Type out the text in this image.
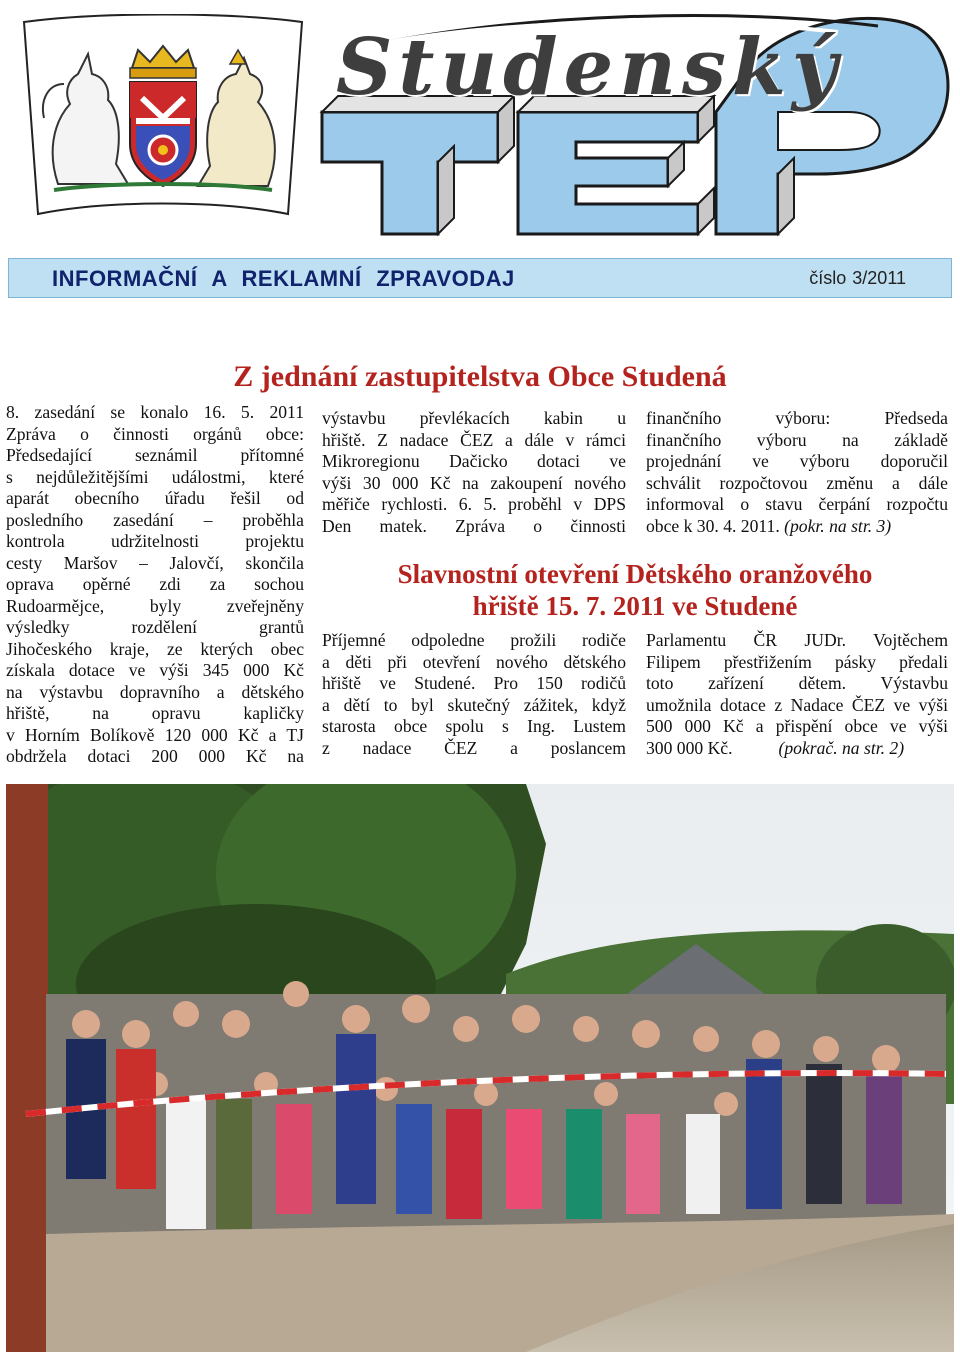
Studenský
INFORMAČNÍ A REKLAMNÍ ZPRAVODAJ	číslo 3/2011
Z jednání zastupitelstva Obce Studená

8. zasedání se konalo 16. 5. 2011

Zpráva o činnosti orgánů obce:

Předsedající seznámil přítomné

s nejdůležitějšími událostmi, které

aparát obecního úřadu řešil od

posledního zasedání – proběhla

kontrola udržitelnosti projektu

cesty Maršov – Jalovčí, skončila

oprava opěrné zdi za sochou

Rudoarmějce, byly zveřejněny

výsledky rozdělení grantů

Jihočeského kraje, ze kterých obec

získala dotace ve výši 345 000 Kč

na výstavbu dopravního a dětského

hřiště, na opravu kapličky

v Horním Bolíkově 120 000 Kč a TJ

obdržela dotaci 200 000 Kč na

výstavbu převlékacích kabin u

hřiště. Z nadace ČEZ a dále v rámci

Mikroregionu Dačicko dotaci ve

výši 30 000 Kč na zakoupení nového

měřiče rychlosti. 6. 5. proběhl v DPS

Den matek. Zpráva o činnosti

finančního výboru: Předseda

finančního výboru na základě

projednání ve výboru doporučil

schválit rozpočtovou změnu a dále

informoval o stavu čerpání rozpočtu

obce k 30. 4. 2011. (pokr. na str. 3)

Slavnostní otevření Dětského oranžového
hřiště 15. 7. 2011 ve Studené

Příjemné odpoledne prožili rodiče

a děti při otevření nového dětského

hřiště ve Studené. Pro 150 rodičů

a dětí to byl skutečný zážitek, když

starosta obce spolu s Ing. Lustem

z nadace ČEZ a poslancem

Parlamentu ČR JUDr. Vojtěchem

Filipem přestřižením pásky předali

toto zařízení dětem. Výstavbu

umožnila dotace z Nadace ČEZ ve výši

500 000 Kč a přispění obce ve výši

300 000 Kč.	(pokrač. na str. 2)
